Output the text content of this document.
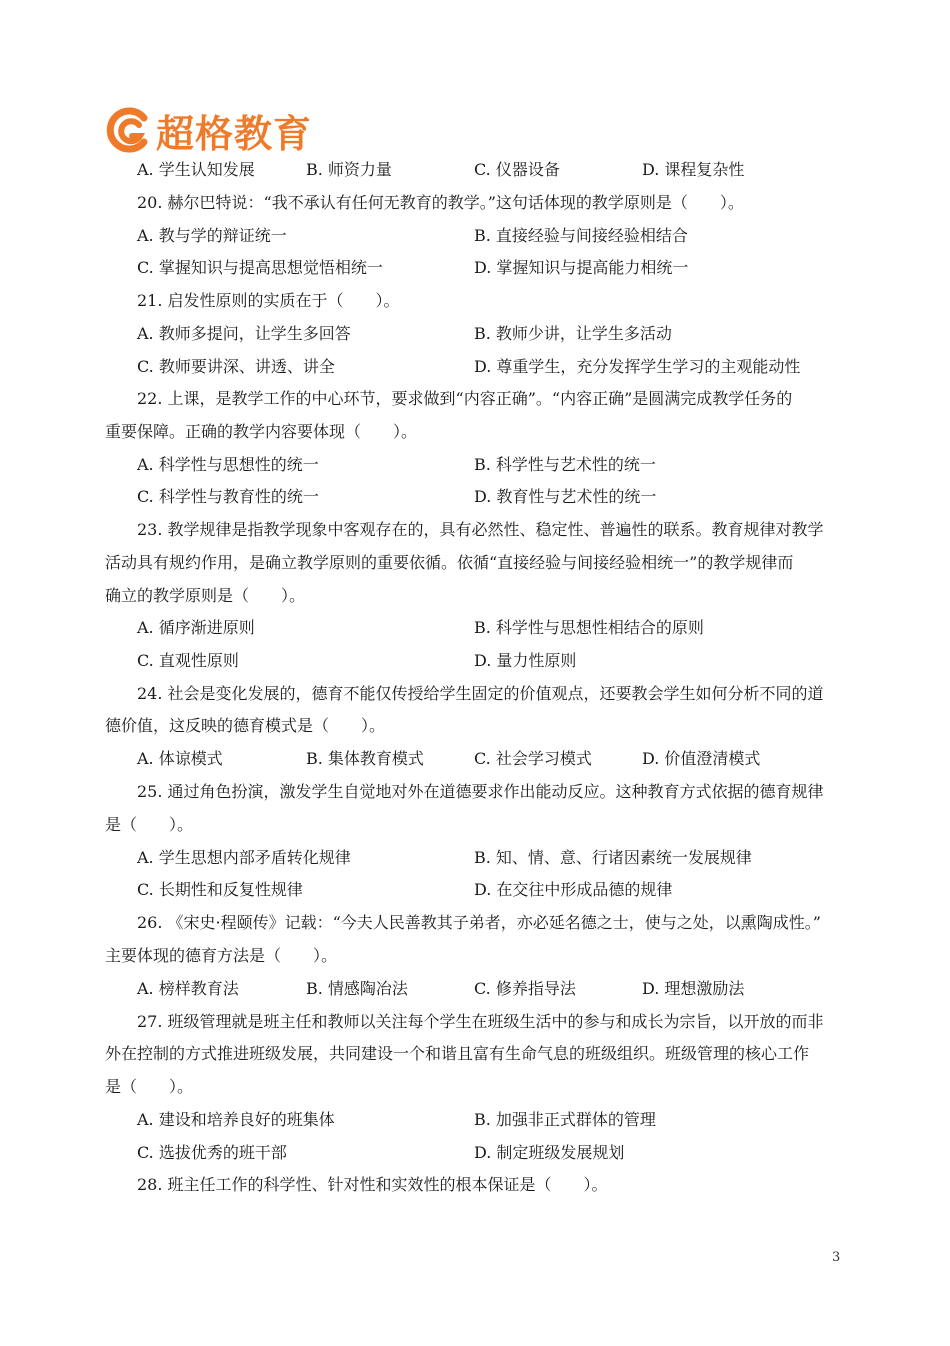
超格教育
A. 学生认知发展	B. 师资力量	C. 仪器设备	D. 课程复杂性
20. 赫尔巴特说：“我不承认有任何无教育的教学。”这句话体现的教学原则是（　　）。
A. 教与学的辩证统一	B. 直接经验与间接经验相结合
C. 掌握知识与提高思想觉悟相统一	D. 掌握知识与提高能力相统一
21. 启发性原则的实质在于（　　）。
A. 教师多提问，让学生多回答	B. 教师少讲，让学生多活动
C. 教师要讲深、讲透、讲全	D. 尊重学生，充分发挥学生学习的主观能动性
22. 上课，是教学工作的中心环节，要求做到“内容正确”。“内容正确”是圆满完成教学任务的
重要保障。正确的教学内容要体现（　　）。
A. 科学性与思想性的统一	B. 科学性与艺术性的统一
C. 科学性与教育性的统一	D. 教育性与艺术性的统一
23. 教学规律是指教学现象中客观存在的，具有必然性、稳定性、普遍性的联系。教育规律对教学
活动具有规约作用，是确立教学原则的重要依循。依循“直接经验与间接经验相统一”的教学规律而
确立的教学原则是（　　）。
A. 循序渐进原则	B. 科学性与思想性相结合的原则
C. 直观性原则	D. 量力性原则
24. 社会是变化发展的，德育不能仅传授给学生固定的价值观点，还要教会学生如何分析不同的道
德价值，这反映的德育模式是（　　）。
A. 体谅模式	B. 集体教育模式	C. 社会学习模式	D. 价值澄清模式
25. 通过角色扮演，激发学生自觉地对外在道德要求作出能动反应。这种教育方式依据的德育规律
是（　　）。
A. 学生思想内部矛盾转化规律	B. 知、情、意、行诸因素统一发展规律
C. 长期性和反复性规律	D. 在交往中形成品德的规律
26. 《宋史·程颐传》记载：“今夫人民善教其子弟者，亦必延名德之士，使与之处，以熏陶成性。”
主要体现的德育方法是（　　）。
A. 榜样教育法	B. 情感陶冶法	C. 修养指导法	D. 理想激励法
27. 班级管理就是班主任和教师以关注每个学生在班级生活中的参与和成长为宗旨，以开放的而非
外在控制的方式推进班级发展，共同建设一个和谐且富有生命气息的班级组织。班级管理的核心工作
是（　　）。
A. 建设和培养良好的班集体	B. 加强非正式群体的管理
C. 选拔优秀的班干部	D. 制定班级发展规划
28. 班主任工作的科学性、针对性和实效性的根本保证是（　　）。
3
